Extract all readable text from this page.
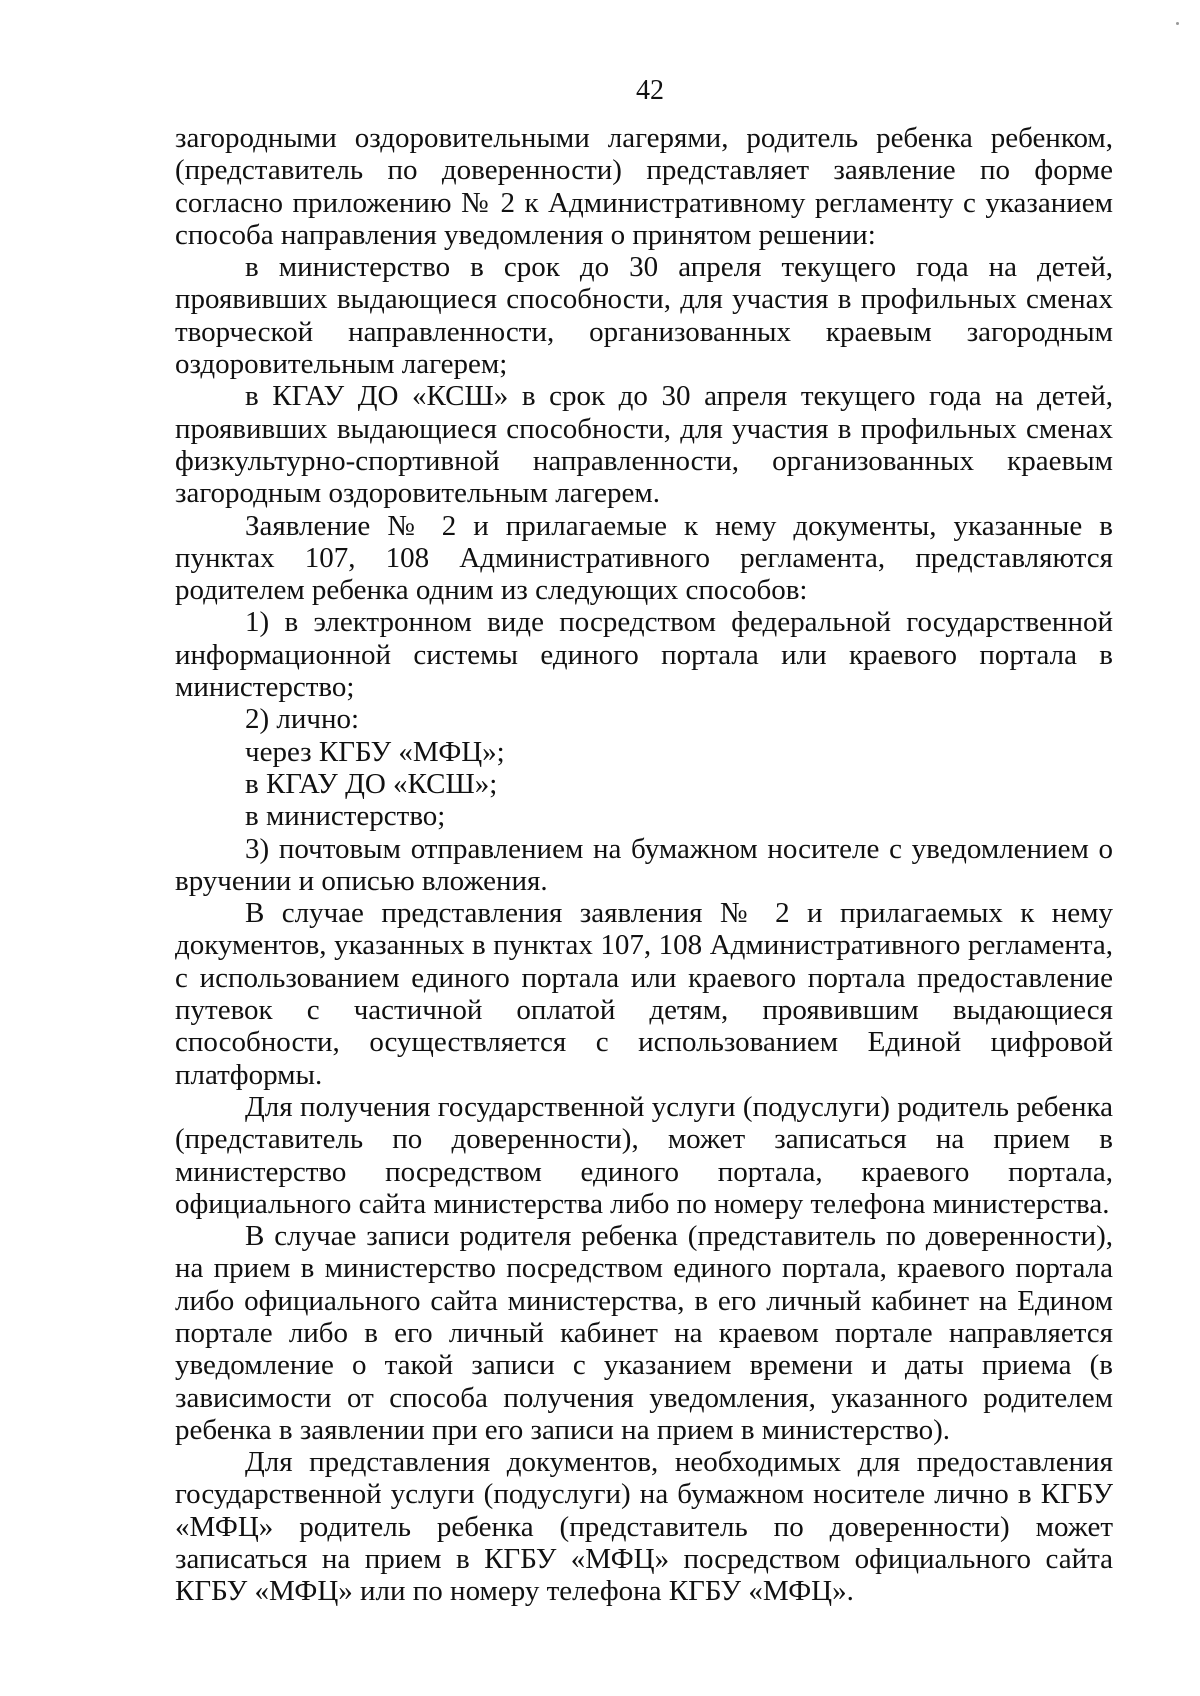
42

загородными оздоровительными лагерями, родитель ребенка ребенком, (представитель по доверенности) представляет заявление по форме согласно приложению № 2 к Административному регламенту с указанием способа направления уведомления о принятом решении:

в министерство в срок до 30 апреля текущего года на детей, проявивших выдающиеся способности, для участия в профильных сменах творческой направленности, организованных краевым загородным оздоровительным лагерем;

в КГАУ ДО «КСШ» в срок до 30 апреля текущего года на детей, проявивших выдающиеся способности, для участия в профильных сменах физкультурно-спортивной направленности, организованных краевым загородным оздоровительным лагерем.

Заявление № 2 и прилагаемые к нему документы, указанные в пунктах 107, 108 Административного регламента, представляются родителем ребенка одним из следующих способов:

1) в электронном виде посредством федеральной государственной информационной системы единого портала или краевого портала в министерство;

2) лично:

через КГБУ «МФЦ»;

в КГАУ ДО «КСШ»;

в министерство;

3) почтовым отправлением на бумажном носителе с уведомлением о вручении и описью вложения.

В случае представления заявления № 2 и прилагаемых к нему документов, указанных в пунктах 107, 108 Административного регламента, с использованием единого портала или краевого портала предоставление путевок с частичной оплатой детям, проявившим выдающиеся способности, осуществляется с использованием Единой цифровой платформы.

Для получения государственной услуги (подуслуги) родитель ребенка (представитель по доверенности), может записаться на прием в министерство посредством единого портала, краевого портала, официального сайта министерства либо по номеру телефона министерства.

В случае записи родителя ребенка (представитель по доверенности), на прием в министерство посредством единого портала, краевого портала либо официального сайта министерства, в его личный кабинет на Едином портале либо в его личный кабинет на краевом портале направляется уведомление о такой записи с указанием времени и даты приема (в зависимости от способа получения уведомления, указанного родителем ребенка в заявлении при его записи на прием в министерство).

Для представления документов, необходимых для предоставления государственной услуги (подуслуги) на бумажном носителе лично в КГБУ «МФЦ» родитель ребенка (представитель по доверенности) может записаться на прием в КГБУ «МФЦ» посредством официального сайта КГБУ «МФЦ» или по номеру телефона КГБУ «МФЦ».
